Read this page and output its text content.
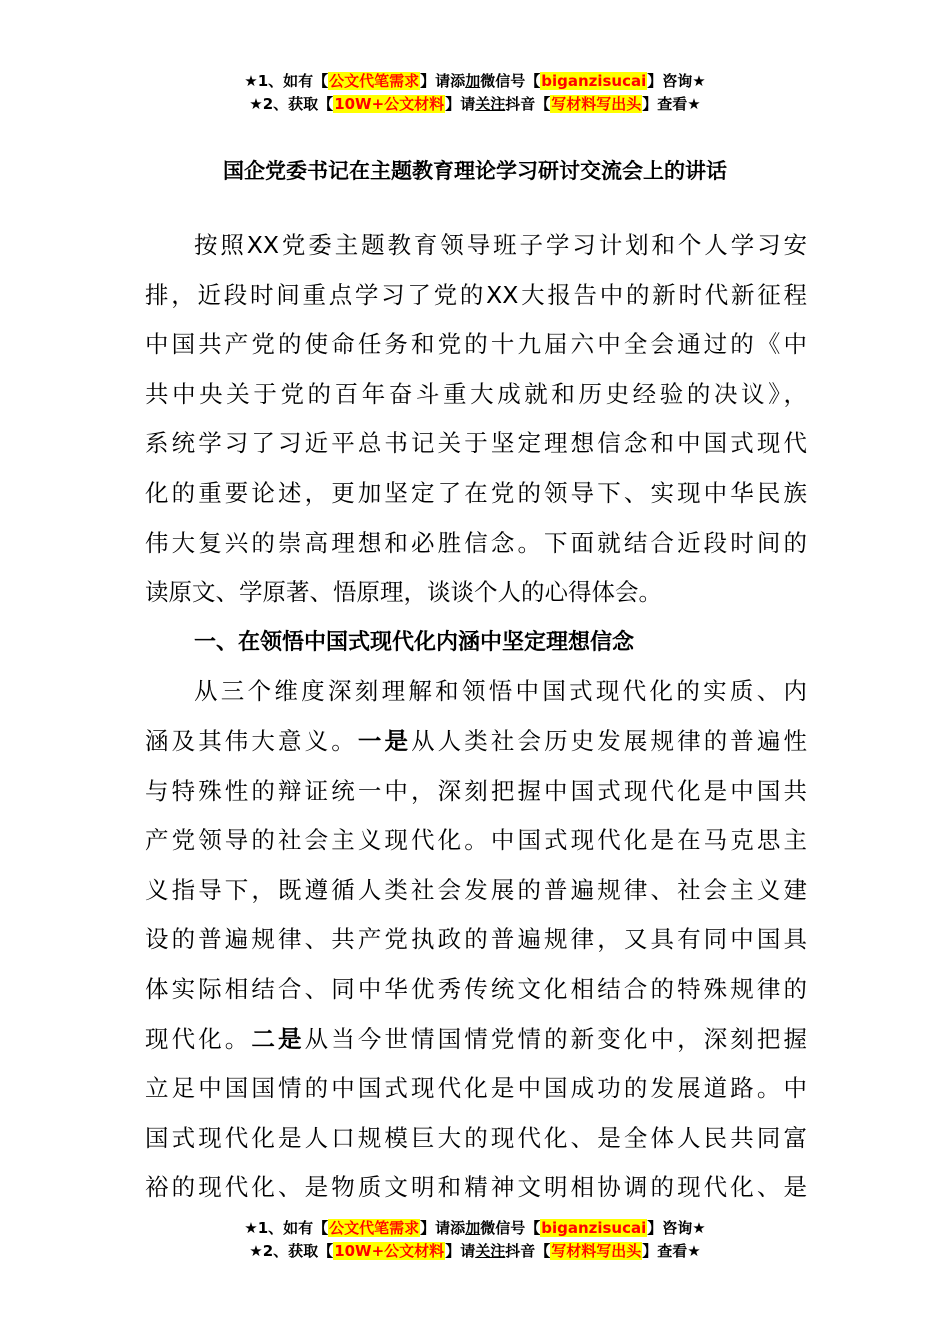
★1、如有【公文代笔需求】请添加微信号【biganzisucai】咨询★
★2、获取【10W+公文材料】请关注抖音【写材料写出头】查看★
国企党委书记在主题教育理论学习研讨交流会上的讲话
按照XX党委主题教育领导班子学习计划和个人学习安
排，近段时间重点学习了党的XX大报告中的新时代新征程
中国共产党的使命任务和党的十九届六中全会通过的《中
共中央关于党的百年奋斗重大成就和历史经验的决议》，
系统学习了习近平总书记关于坚定理想信念和中国式现代
化的重要论述，更加坚定了在党的领导下、实现中华民族
伟大复兴的崇高理想和必胜信念。下面就结合近段时间的
读原文、学原著、悟原理，谈谈个人的心得体会。
一、在领悟中国式现代化内涵中坚定理想信念
从三个维度深刻理解和领悟中国式现代化的实质、内
涵及其伟大意义。一是从人类社会历史发展规律的普遍性
与特殊性的辩证统一中，深刻把握中国式现代化是中国共
产党领导的社会主义现代化。中国式现代化是在马克思主
义指导下，既遵循人类社会发展的普遍规律、社会主义建
设的普遍规律、共产党执政的普遍规律，又具有同中国具
体实际相结合、同中华优秀传统文化相结合的特殊规律的
现代化。二是从当今世情国情党情的新变化中，深刻把握
立足中国国情的中国式现代化是中国成功的发展道路。中
国式现代化是人口规模巨大的现代化、是全体人民共同富
裕的现代化、是物质文明和精神文明相协调的现代化、是
★1、如有【公文代笔需求】请添加微信号【biganzisucai】咨询★
★2、获取【10W+公文材料】请关注抖音【写材料写出头】查看★
